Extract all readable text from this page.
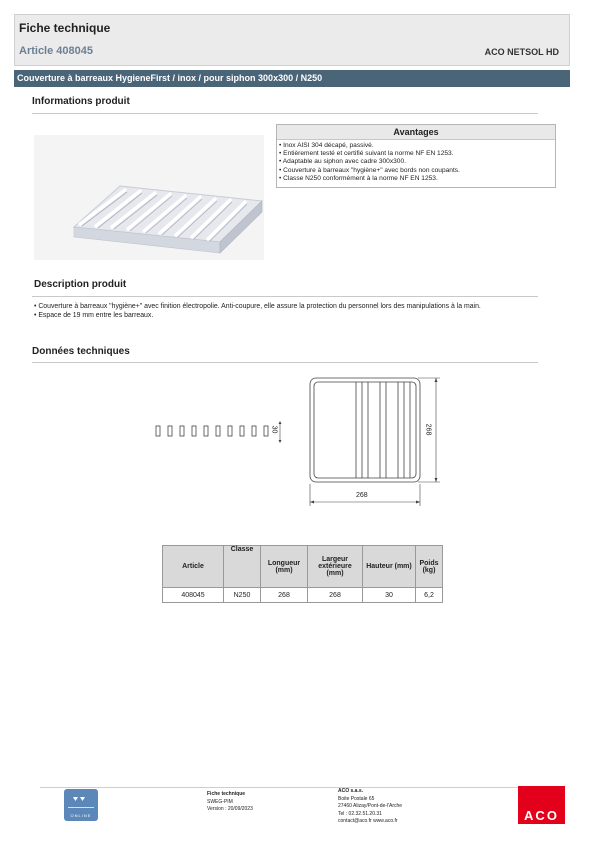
Fiche technique
Article 408045	ACO NETSOL HD
Couverture à barreaux HygieneFirst / inox / pour siphon 300x300 / N250
Informations produit
Avantages
• Inox AISI 304 décapé, passivé.
• Entièrement testé et certifié suivant la norme NF EN 1253.
• Adaptable au siphon avec cadre 300x300.
• Couverture à barreaux "hygiène+" avec bords non coupants.
• Classe N250 conformément à la norme NF EN 1253.
Description produit
• Couverture à barreaux "hygiène+" avec finition électropolie. Anti-coupure, elle assure la protection du personnel lors des manipulations à la main.
• Espace de 19 mm entre les barreaux.
Données techniques
30	268
268
Article	Classe	Longueur (mm)	Largeur extérieure (mm)	Hauteur (mm)	Poids (kg)
408045	N250	268	268	30	6,2
ONLINE
Fiche technique
SWEG-PIM
Version : 20/09/2023
ACO s.a.s.
Boite Postale 65
27460 Alizay/Pont-de-l'Arche
Tel : 02.32.51.20.31
contact@aco.fr www.aco.fr	ACO
